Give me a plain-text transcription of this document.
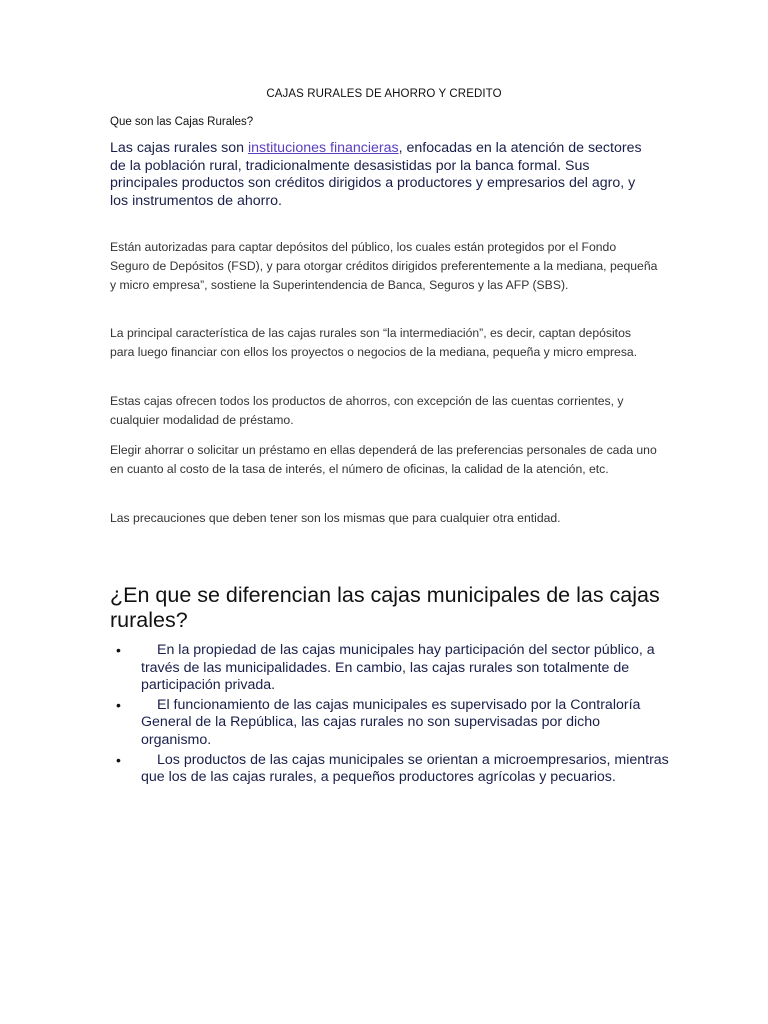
CAJAS RURALES DE AHORRO Y CREDITO
Que son las Cajas Rurales?

Las cajas rurales son instituciones financieras, enfocadas en la atención de sectores de la población rural, tradicionalmente desasistidas por la banca formal. Sus principales productos son créditos dirigidos a productores y empresarios del agro, y los instrumentos de ahorro.

Están autorizadas para captar depósitos del público, los cuales están protegidos por el Fondo Seguro de Depósitos (FSD), y para otorgar créditos dirigidos preferentemente a la mediana, pequeña y micro empresa”, sostiene la Superintendencia de Banca, Seguros y las AFP (SBS).

La principal característica de las cajas rurales son “la intermediación”, es decir, captan depósitos para luego financiar con ellos los proyectos o negocios de la mediana, pequeña y micro empresa.

Estas cajas ofrecen todos los productos de ahorros, con excepción de las cuentas corrientes, y cualquier modalidad de préstamo.

Elegir ahorrar o solicitar un préstamo en ellas dependerá de las preferencias personales de cada uno en cuanto al costo de la tasa de interés, el número de oficinas, la calidad de la atención, etc.

Las precauciones que deben tener son los mismas que para cualquier otra entidad.

¿En que se diferencian las cajas municipales de las cajas rurales?
•	En la propiedad de las cajas municipales hay participación del sector público, a través de las municipalidades. En cambio, las cajas rurales son totalmente de participación privada.
•	El funcionamiento de las cajas municipales es supervisado por la Contraloría General de la República, las cajas rurales no son supervisadas por dicho organismo.
•	Los productos de las cajas municipales se orientan a microempresarios, mientras que los de las cajas rurales, a pequeños productores agrícolas y pecuarios.
